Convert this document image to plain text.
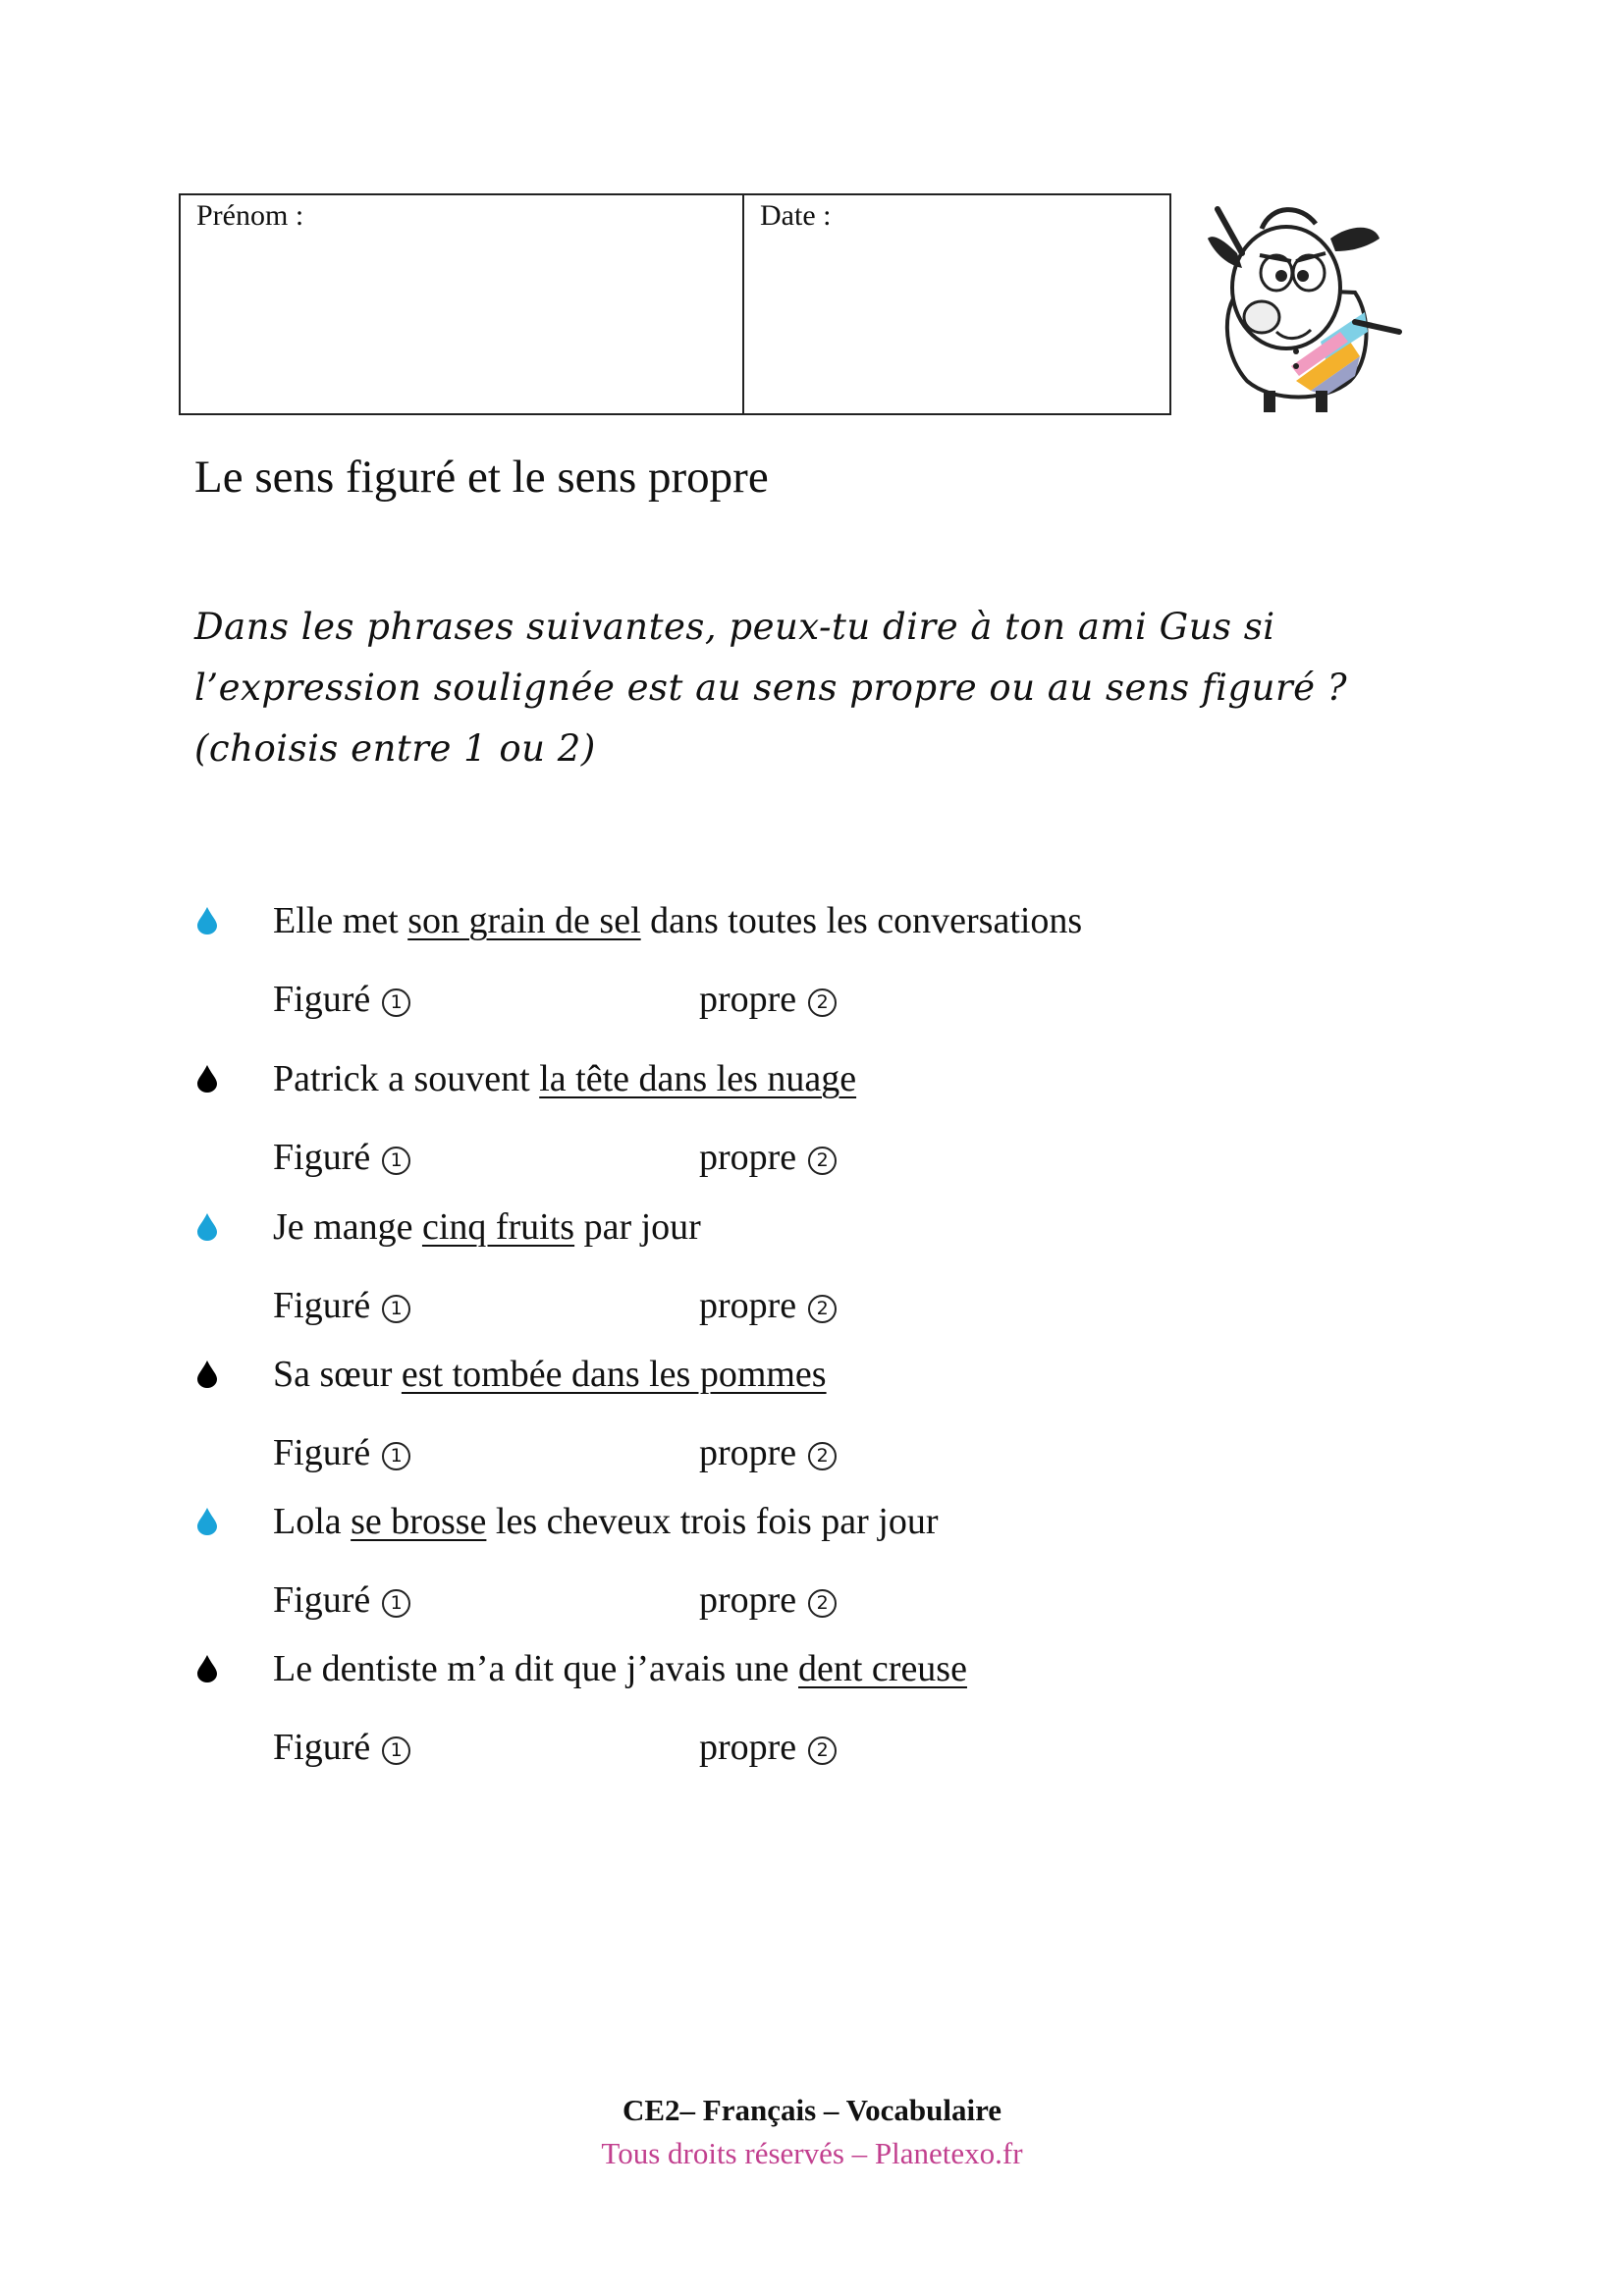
Prénom :	Date :
Le sens figuré et le sens propre
Dans les phrases suivantes, peux-tu dire à ton ami Gus si
l’expression soulignée est au sens propre ou au sens figuré ?
(choisis entre 1 ou 2)
Elle met son grain de sel dans toutes les conversations
Figuré 1	propre 2
Patrick a souvent la tête dans les nuage
Figuré 1	propre 2
Je mange cinq fruits par jour
Figuré 1	propre 2
Sa sœur est tombée dans les pommes
Figuré 1	propre 2
Lola se brosse les cheveux trois fois par jour
Figuré 1	propre 2
Le dentiste m’a dit que j’avais une dent creuse
Figuré 1	propre 2
CE2– Français – Vocabulaire
Tous droits réservés – Planetexo.fr
